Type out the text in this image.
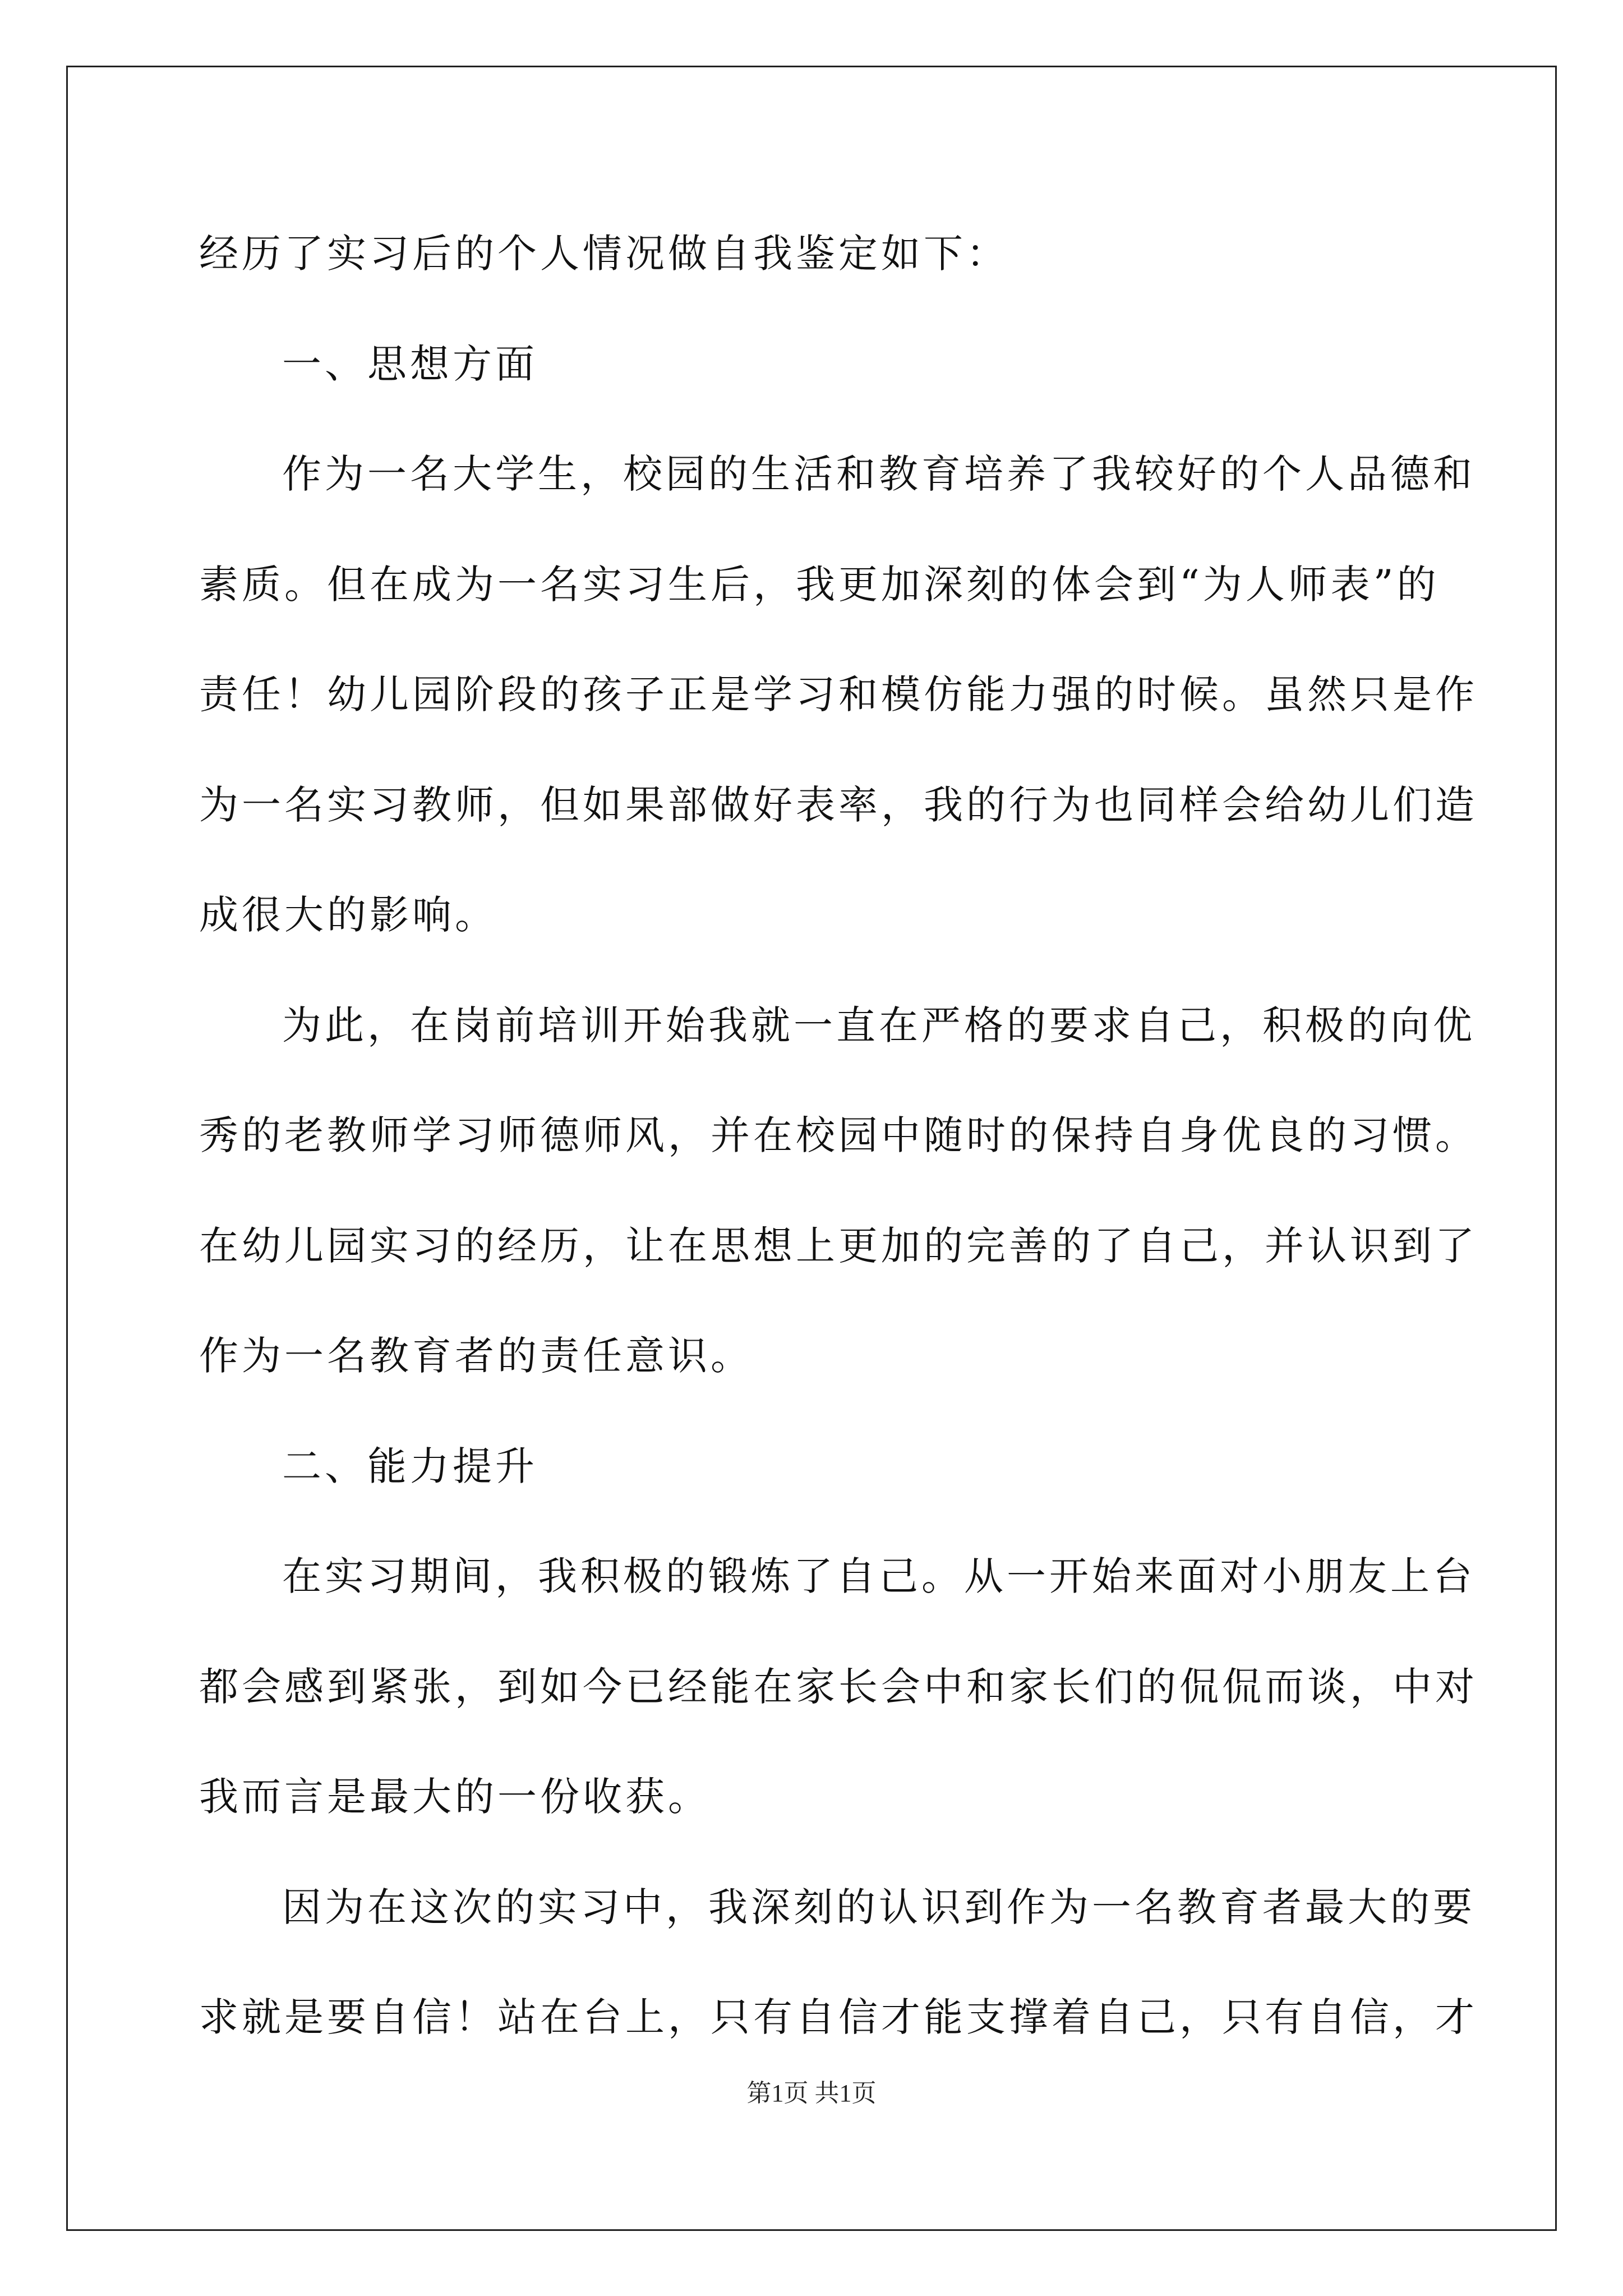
经历了实习后的个人情况做自我鉴定如下：
一、思想方面
作为一名大学生，校园的生活和教育培养了我较好的个人品德和
素质。但在成为一名实习生后，我更加深刻的体会到“为人师表”的
责任！幼儿园阶段的孩子正是学习和模仿能力强的时候。虽然只是作
为一名实习教师，但如果部做好表率，我的行为也同样会给幼儿们造
成很大的影响。
为此，在岗前培训开始我就一直在严格的要求自己，积极的向优
秀的老教师学习师德师风，并在校园中随时的保持自身优良的习惯。
在幼儿园实习的经历，让在思想上更加的完善的了自己，并认识到了
作为一名教育者的责任意识。
二、能力提升
在实习期间，我积极的锻炼了自己。从一开始来面对小朋友上台
都会感到紧张，到如今已经能在家长会中和家长们的侃侃而谈，中对
我而言是最大的一份收获。
因为在这次的实习中，我深刻的认识到作为一名教育者最大的要
求就是要自信！站在台上，只有自信才能支撑着自己，只有自信，才
第1页 共1页
